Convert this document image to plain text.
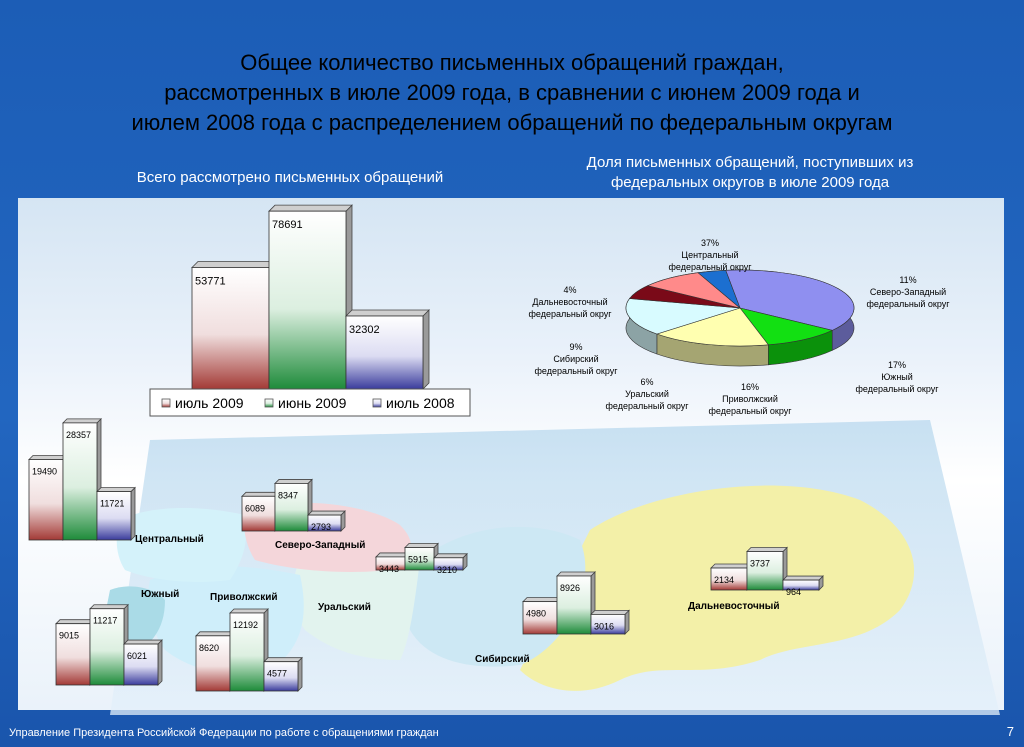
Общее количество письменных обращений граждан,
рассмотренных в июле 2009 года, в сравнении с июнем 2009 года и
июлем 2008 года с распределением обращений по федеральным округам
Всего рассмотрено письменных обращений
Доля письменных обращений, поступивших из
федеральных округов в июле 2009 года
Центральный
Северо-Западный
Южный	Приволжский
Уральский
Сибирский
Дальневосточный
53771
78691
32302
июль 2009 июнь 2009	июль 2008
37%
Центральный
федеральный округ
11%
Северо-Западный
федеральный округ
17%
Южный
федеральный округ
16%
Приволжский
федеральный округ
6%
Уральский
федеральный округ
9%
Сибирский
федеральный округ
4%
Дальневосточный
федеральный округ
19490
28357
11721	6089
8347
2793
9015
11217
6021
8620
12192
4577
3443
5915
3210
4980
8926
3016
2134
3737
964
Управление Президента Российской Федерации по работе с обращениями граждан	7
